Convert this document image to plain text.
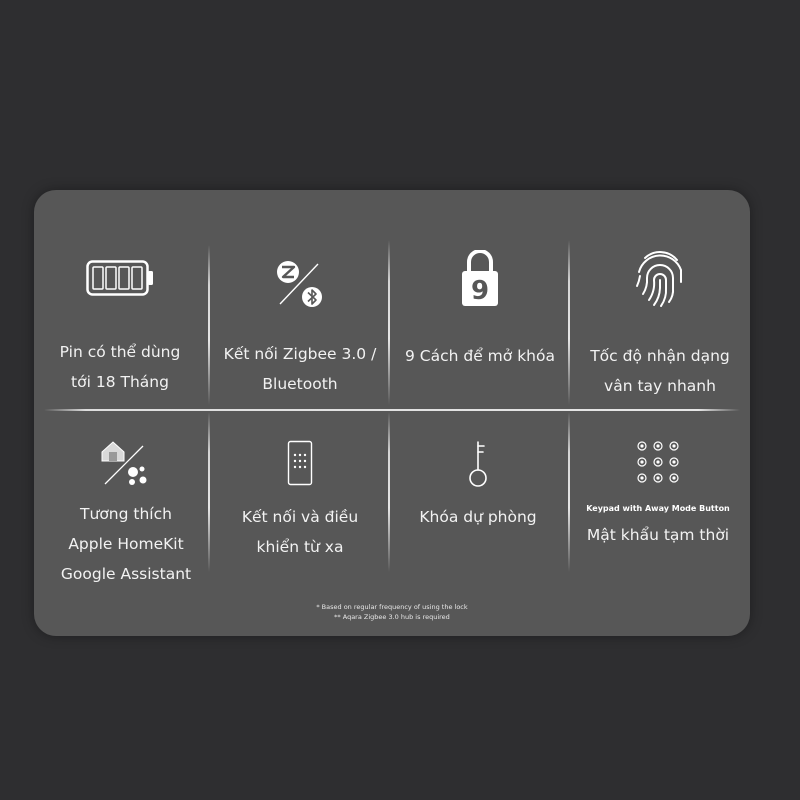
Pin có thể dùng
tới 18 Tháng
Kết nối Zigbee 3.0 /
Bluetooth
9
9 Cách để mở khóa	Tốc độ nhận dạng
vân tay nhanh
Tương thích
Apple HomeKit
Google Assistant
Kết nối và điều
khiển từ xa
Khóa dự phòng	Keypad with Away Mode Button
Mật khẩu tạm thời
* Based on regular frequency of using the lock
** Aqara Zigbee 3.0 hub is required
